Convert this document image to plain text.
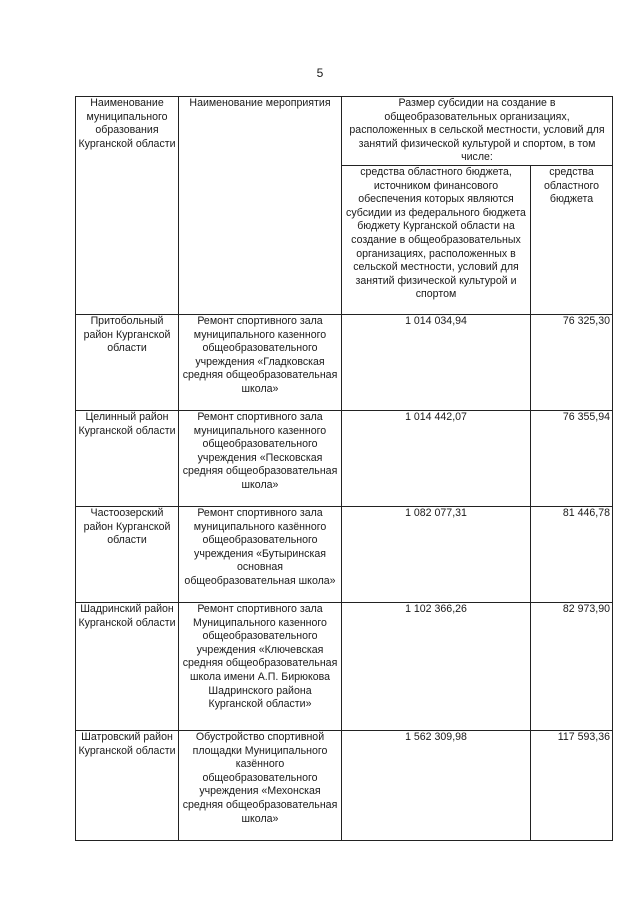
5
Наименование муниципального образования Курганской области	Наименование мероприятия	Размер субсидии на создание в общеобразовательных организациях, расположенных в сельской местности, условий для занятий физической культурой и спортом, в том числе:	
		средства областного бюджета, источником финансового обеспечения которых являются субсидии из федерального бюджета бюджету Курганской области на создание в общеобразовательных организациях, расположенных в сельской местности, условий для занятий физической культурой и спортом	средства областного бюджета
Притобольный район Курганской области	Ремонт спортивного зала муниципального казенного общеобразовательного учреждения «Гладковская средняя общеобразовательная школа»	1 014 034,94	76 325,30
Целинный район Курганской области	Ремонт спортивного зала муниципального казенного общеобразовательного учреждения «Песковская средняя общеобразовательная школа»	1 014 442,07	76 355,94
Частоозерский район Курганской области	Ремонт спортивного зала муниципального казённого общеобразовательного учреждения «Бутыринская основная общеобразовательная школа»	1 082 077,31	81 446,78
Шадринский район Курганской области	Ремонт спортивного зала Муниципального казенного общеобразовательного учреждения «Ключевская средняя общеобразовательная школа имени А.П. Бирюкова Шадринского района Курганской области»	1 102 366,26	82 973,90
Шатровский район Курганской области	Обустройство спортивной площадки Муниципального казённого общеобразовательного учреждения «Мехонская средняя общеобразовательная школа»	1 562 309,98	117 593,36
